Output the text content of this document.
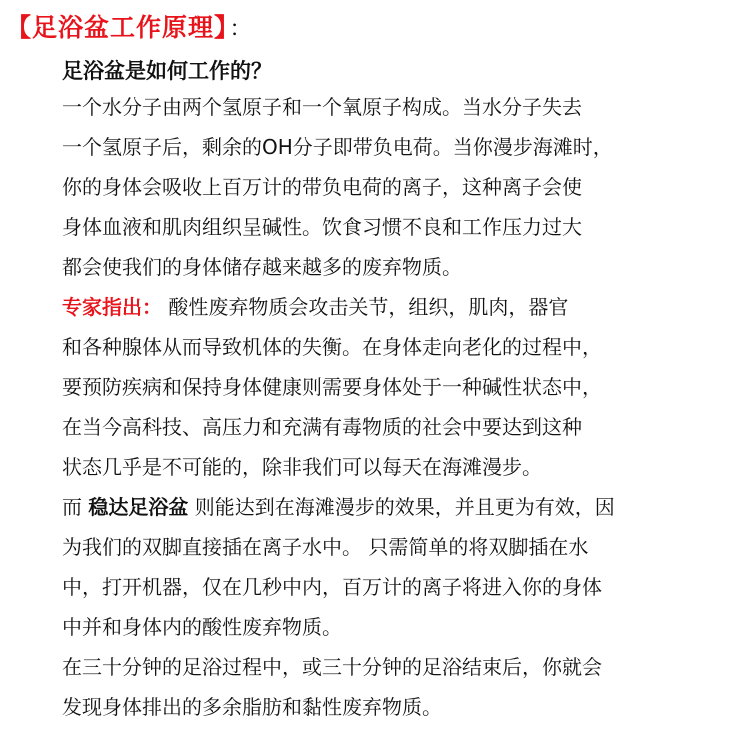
【足浴盆工作原理】：
足浴盆是如何工作的？
一个水分子由两个氢原子和一个氧原子构成。当水分子失去
一个氢原子后，剩余的OH分子即带负电荷。当你漫步海滩时，
你的身体会吸收上百万计的带负电荷的离子，这种离子会使
身体血液和肌肉组织呈碱性。饮食习惯不良和工作压力过大
都会使我们的身体储存越来越多的废弃物质。
专家指出： 酸性废弃物质会攻击关节，组织，肌肉，器官
和各种腺体从而导致机体的失衡。在身体走向老化的过程中，
要预防疾病和保持身体健康则需要身体处于一种碱性状态中，
在当今高科技、高压力和充满有毒物质的社会中要达到这种
状态几乎是不可能的，除非我们可以每天在海滩漫步。
而 稳达足浴盆 则能达到在海滩漫步的效果，并且更为有效，因
为我们的双脚直接插在离子水中。 只需简单的将双脚插在水
中，打开机器，仅在几秒中内，百万计的离子将进入你的身体
中并和身体内的酸性废弃物质。
在三十分钟的足浴过程中，或三十分钟的足浴结束后，你就会
发现身体排出的多余脂肪和黏性废弃物质。
